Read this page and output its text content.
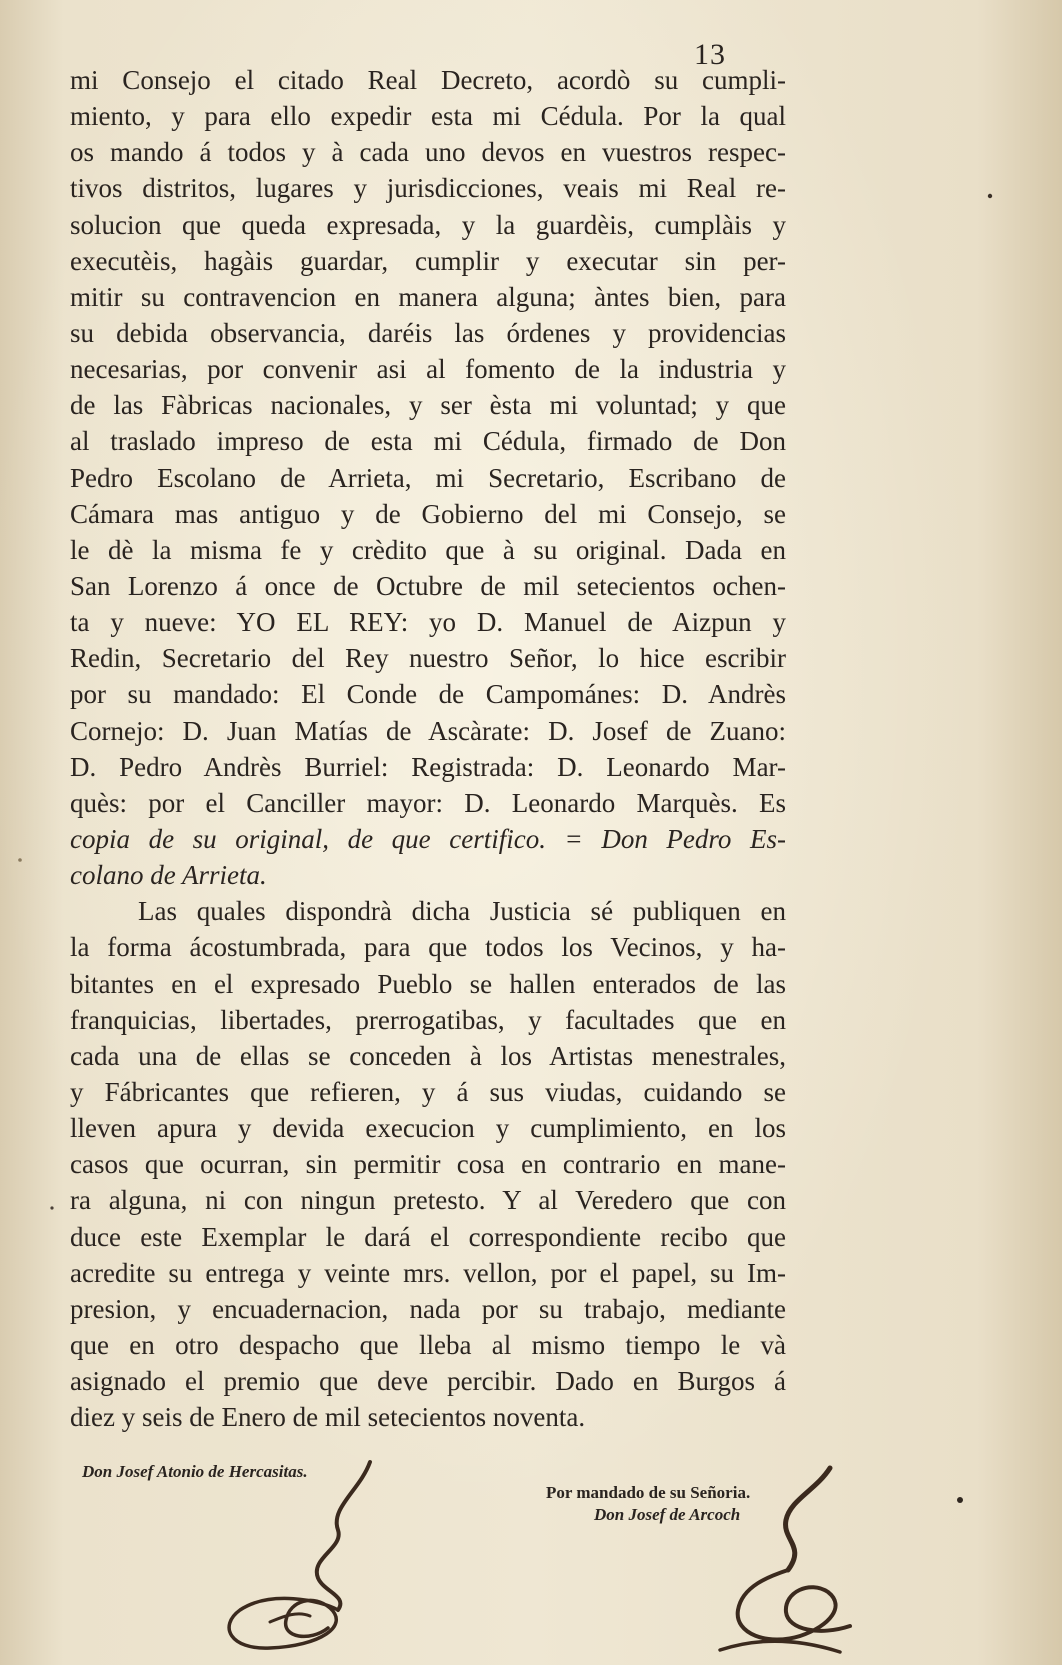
13
mi Consejo el citado Real Decreto, acordò su cumpli-
miento, y para ello expedir esta mi Cédula. Por la qual
os mando á todos y à cada uno devos en vuestros respec-
tivos distritos, lugares y jurisdicciones, veais mi Real re-
solucion que queda expresada, y la guardèis, cumplàis y
executèis, hagàis guardar, cumplir y executar sin per-
mitir su contravencion en manera alguna; àntes bien, para
su debida observancia, daréis las órdenes y providencias
necesarias, por convenir asi al fomento de la industria y
de las Fàbricas nacionales, y ser èsta mi voluntad; y que
al traslado impreso de esta mi Cédula, firmado de Don
Pedro Escolano de Arrieta, mi Secretario, Escribano de
Cámara mas antiguo y de Gobierno del mi Consejo, se
le dè la misma fe y crèdito que à su original. Dada en
San Lorenzo á once de Octubre de mil setecientos ochen-
ta y nueve: YO EL REY: yo D. Manuel de Aizpun y
Redin, Secretario del Rey nuestro Señor, lo hice escribir
por su mandado: El Conde de Campománes: D. Andrès
Cornejo: D. Juan Matías de Ascàrate: D. Josef de Zuano:
D. Pedro Andrès Burriel: Registrada: D. Leonardo Mar-
quès: por el Canciller mayor: D. Leonardo Marquès. Es
copia de su original, de que certifico. = Don Pedro Es-
colano de Arrieta.
Las quales dispondrà dicha Justicia sé publiquen en
la forma ácostumbrada, para que todos los Vecinos, y ha-
bitantes en el expresado Pueblo se hallen enterados de las
franquicias, libertades, prerrogatibas, y facultades que en
cada una de ellas se conceden à los Artistas menestrales,
y Fábricantes que refieren, y á sus viudas, cuidando se
lleven apura y devida execucion y cumplimiento, en los
casos que ocurran, sin permitir cosa en contrario en mane-
ra alguna, ni con ningun pretesto. Y al Veredero que con
duce este Exemplar le dará el correspondiente recibo que
acredite su entrega y veinte mrs. vellon, por el papel, su Im-
presion, y encuadernacion, nada por su trabajo, mediante
que en otro despacho que lleba al mismo tiempo le và
asignado el premio que deve percibir. Dado en Burgos á
diez y seis de Enero de mil setecientos noventa.
Don Josef Atonio de Hercasitas.
Por mandado de su Señoria.
Don Josef de Arcoch
